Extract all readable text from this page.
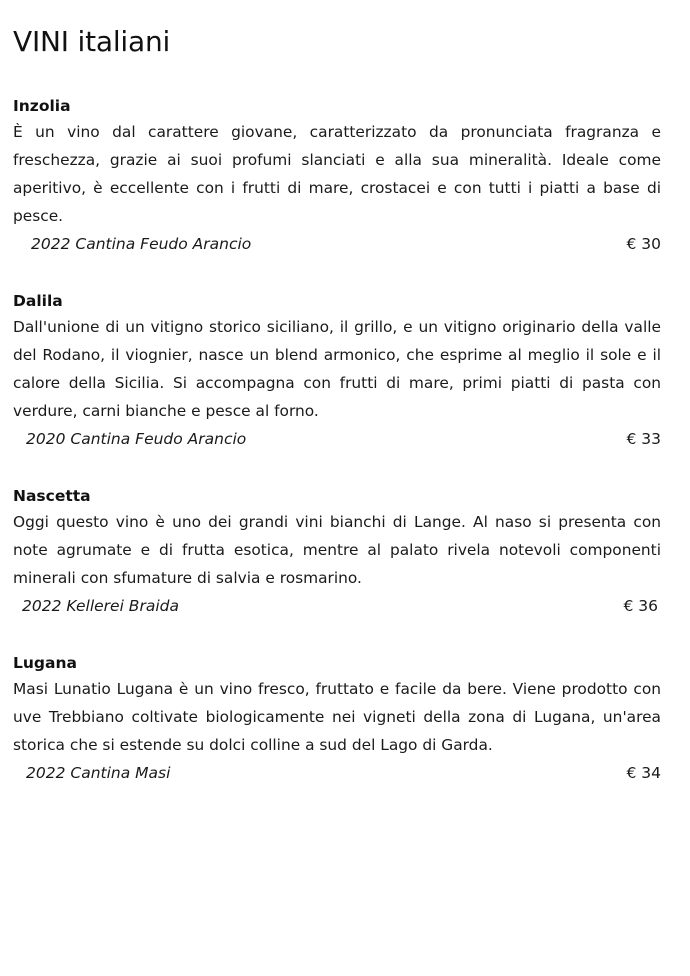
VINI italiani
Inzolia

È un vino dal carattere giovane, caratterizzato da pronunciata fragranza e freschezza, grazie ai suoi profumi slanciati e alla sua mineralità. Ideale come aperitivo, è eccellente con i frutti di mare, crostacei e con tutti i piatti a base di pesce.

2022 Cantina Feudo Arancio	€ 30
Dalila

Dall'unione di un vitigno storico siciliano, il grillo, e un vitigno originario della valle del Rodano, il viognier, nasce un blend armonico, che esprime al meglio il sole e il calore della Sicilia. Si accompagna con frutti di mare, primi piatti di pasta con verdure, carni bianche e pesce al forno.

2020 Cantina Feudo Arancio	€ 33
Nascetta

Oggi questo vino è uno dei grandi vini bianchi di Lange. Al naso si presenta con note agrumate e di frutta esotica, mentre al palato rivela notevoli componenti minerali con sfumature di salvia e rosmarino.

2022 Kellerei Braida	€ 36
Lugana

Masi Lunatio Lugana è un vino fresco, fruttato e facile da bere. Viene prodotto con uve Trebbiano coltivate biologicamente nei vigneti della zona di Lugana, un'area storica che si estende su dolci colline a sud del Lago di Garda.

2022 Cantina Masi	€ 34
